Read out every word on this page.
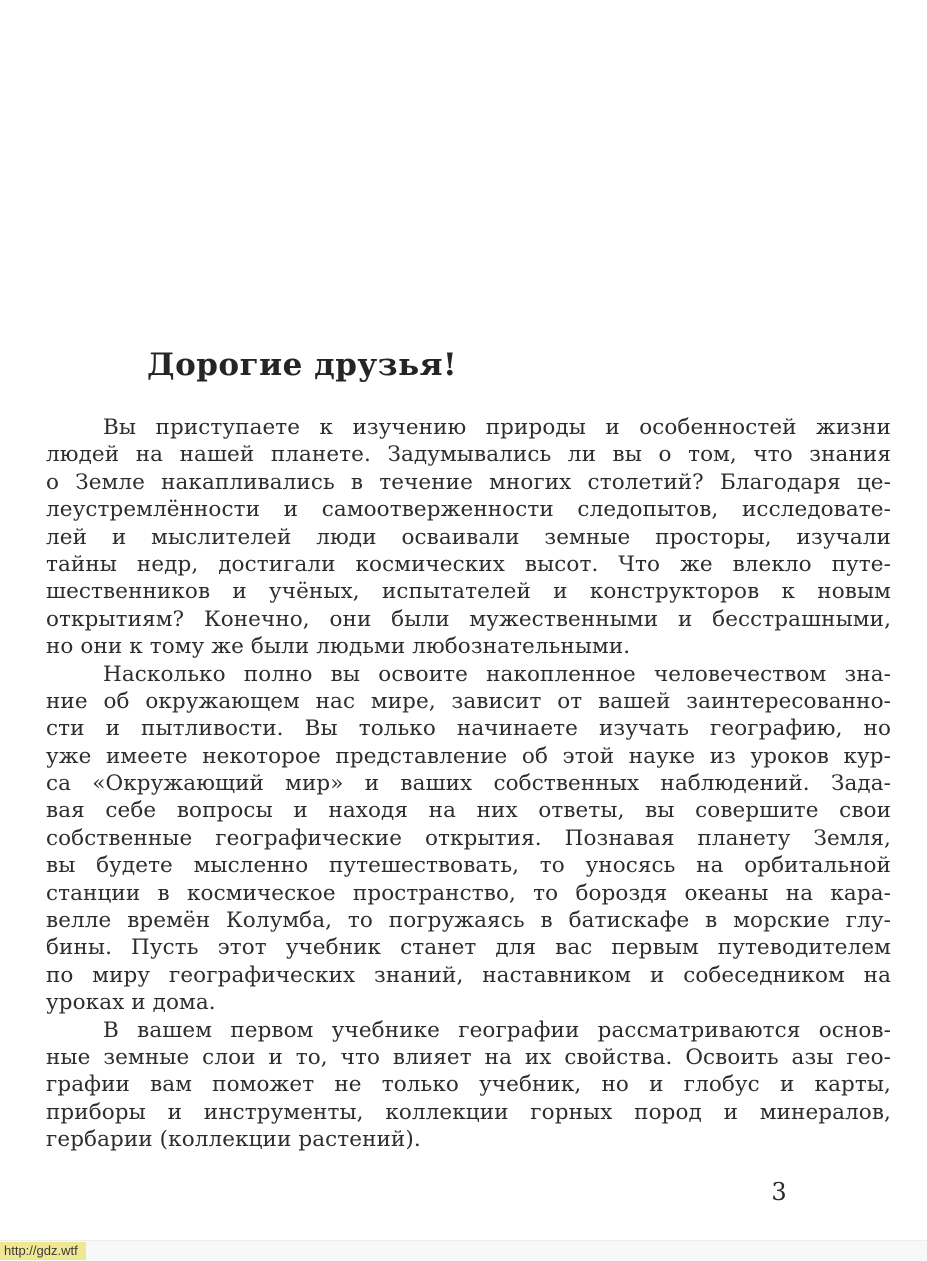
Дорогие друзья!
Вы приступаете к изучению природы и особенностей жизни
людей на нашей планете. Задумывались ли вы о том, что знания
о Земле накапливались в течение многих столетий? Благодаря це-
леустремлённости и самоотверженности следопытов, исследовате-
лей и мыслителей люди осваивали земные просторы, изучали
тайны недр, достигали космических высот. Что же влекло путе-
шественников и учёных, испытателей и конструкторов к новым
открытиям? Конечно, они были мужественными и бесстрашными,
но они к тому же были людьми любознательными.
Насколько полно вы освоите накопленное человечеством зна-
ние об окружающем нас мире, зависит от вашей заинтересованно-
сти и пытливости. Вы только начинаете изучать географию, но
уже имеете некоторое представление об этой науке из уроков кур-
са «Окружающий мир» и ваших собственных наблюдений. Зада-
вая себе вопросы и находя на них ответы, вы совершите свои
собственные географические открытия. Познавая планету Земля,
вы будете мысленно путешествовать, то уносясь на орбитальной
станции в космическое пространство, то бороздя океаны на кара-
велле времён Колумба, то погружаясь в батискафе в морские глу-
бины. Пусть этот учебник станет для вас первым путеводителем
по миру географических знаний, наставником и собеседником на
уроках и дома.
В вашем первом учебнике географии рассматриваются основ-
ные земные слои и то, что влияет на их свойства. Освоить азы гео-
графии вам поможет не только учебник, но и глобус и карты,
приборы и инструменты, коллекции горных пород и минералов,
гербарии (коллекции растений).
3
http://gdz.wtf
